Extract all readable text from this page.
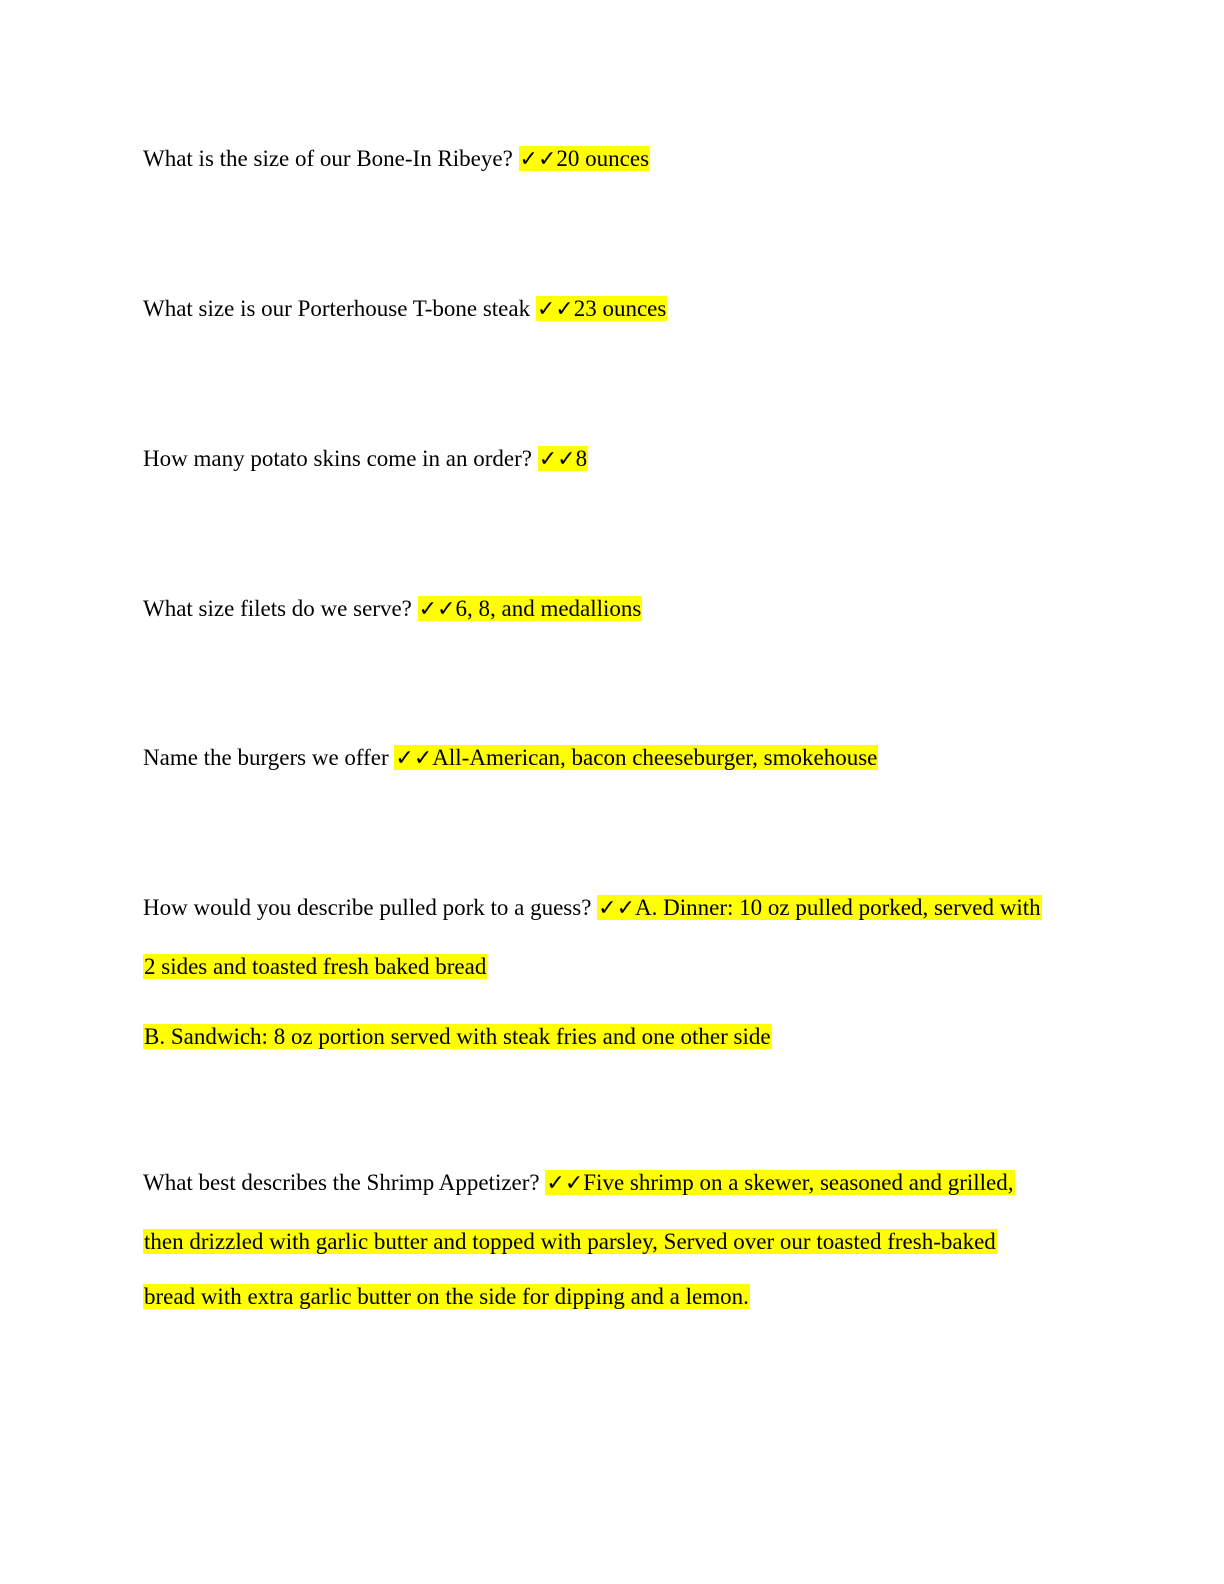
What is the size of our Bone-In Ribeye? ✓✓20 ounces
What size is our Porterhouse T-bone steak ✓✓23 ounces
How many potato skins come in an order? ✓✓8
What size filets do we serve? ✓✓6, 8, and medallions
Name the burgers we offer ✓✓All-American, bacon cheeseburger, smokehouse
How would you describe pulled pork to a guess? ✓✓A. Dinner: 10 oz pulled porked, served with
2 sides and toasted fresh baked bread
B. Sandwich: 8 oz portion served with steak fries and one other side
What best describes the Shrimp Appetizer? ✓✓Five shrimp on a skewer, seasoned and grilled,
then drizzled with garlic butter and topped with parsley, Served over our toasted fresh-baked
bread with extra garlic butter on the side for dipping and a lemon.
